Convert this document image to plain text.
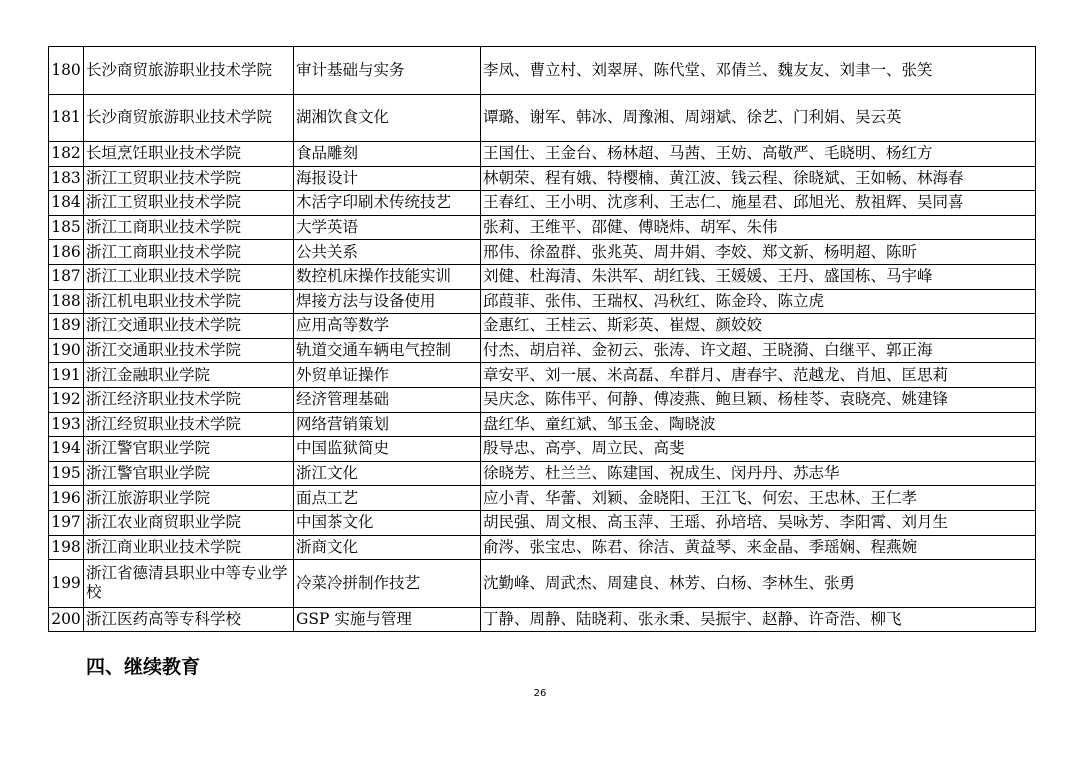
180	长沙商贸旅游职业技术学院	审计基础与实务	李凤、曹立村、刘翠屏、陈代堂、邓倩兰、魏友友、刘聿一、张笑
181	长沙商贸旅游职业技术学院	湖湘饮食文化	谭璐、谢军、韩冰、周豫湘、周翊斌、徐艺、门利娟、吴云英
182	长垣烹饪职业技术学院	食品雕刻	王国仕、王金台、杨林超、马茜、王妨、高敬严、毛晓明、杨红方
183	浙江工贸职业技术学院	海报设计	林朝荣、程有娥、特樱楠、黄江波、钱云程、徐晓斌、王如畅、林海春
184	浙江工贸职业技术学院	木活字印刷术传统技艺	王春红、王小明、沈彦利、王志仁、施星君、邱旭光、敖祖辉、吴同喜
185	浙江工商职业技术学院	大学英语	张莉、王维平、邵健、傅晓炜、胡军、朱伟
186	浙江工商职业技术学院	公共关系	邢伟、徐盈群、张兆英、周井娟、李姣、郑文新、杨明超、陈昕
187	浙江工业职业技术学院	数控机床操作技能实训	刘健、杜海清、朱洪军、胡红钱、王媛媛、王丹、盛国栋、马宇峰
188	浙江机电职业技术学院	焊接方法与设备使用	邱葭菲、张伟、王瑞权、冯秋红、陈金玲、陈立虎
189	浙江交通职业技术学院	应用高等数学	金惠红、王桂云、斯彩英、崔煜、颜姣姣
190	浙江交通职业技术学院	轨道交通车辆电气控制	付杰、胡启祥、金初云、张涛、许文超、王晓漪、白继平、郭正海
191	浙江金融职业学院	外贸单证操作	章安平、刘一展、米高磊、牟群月、唐春宇、范越龙、肖旭、匡思莉
192	浙江经济职业技术学院	经济管理基础	吴庆念、陈伟平、何静、傅凌燕、鲍旦颖、杨桂苓、袁晓亮、姚建锋
193	浙江经贸职业技术学院	网络营销策划	盘红华、童红斌、邹玉金、陶晓波
194	浙江警官职业学院	中国监狱简史	殷导忠、高亭、周立民、高斐
195	浙江警官职业学院	浙江文化	徐晓芳、杜兰兰、陈建国、祝成生、闵丹丹、苏志华
196	浙江旅游职业学院	面点工艺	应小青、华蕾、刘颖、金晓阳、王江飞、何宏、王忠林、王仁孝
197	浙江农业商贸职业学院	中国茶文化	胡民强、周文根、高玉萍、王瑶、孙培培、吴咏芳、李阳霄、刘月生
198	浙江商业职业技术学院	浙商文化	俞涔、张宝忠、陈君、徐洁、黄益琴、来金晶、季瑶娴、程燕婉
199	浙江省德清县职业中等专业学校	冷菜冷拼制作技艺	沈勤峰、周武杰、周建良、林芳、白杨、李林生、张勇
200	浙江医药高等专科学校	GSP 实施与管理	丁静、周静、陆晓莉、张永秉、吴振宇、赵静、许奇浩、柳飞
四、继续教育
26
